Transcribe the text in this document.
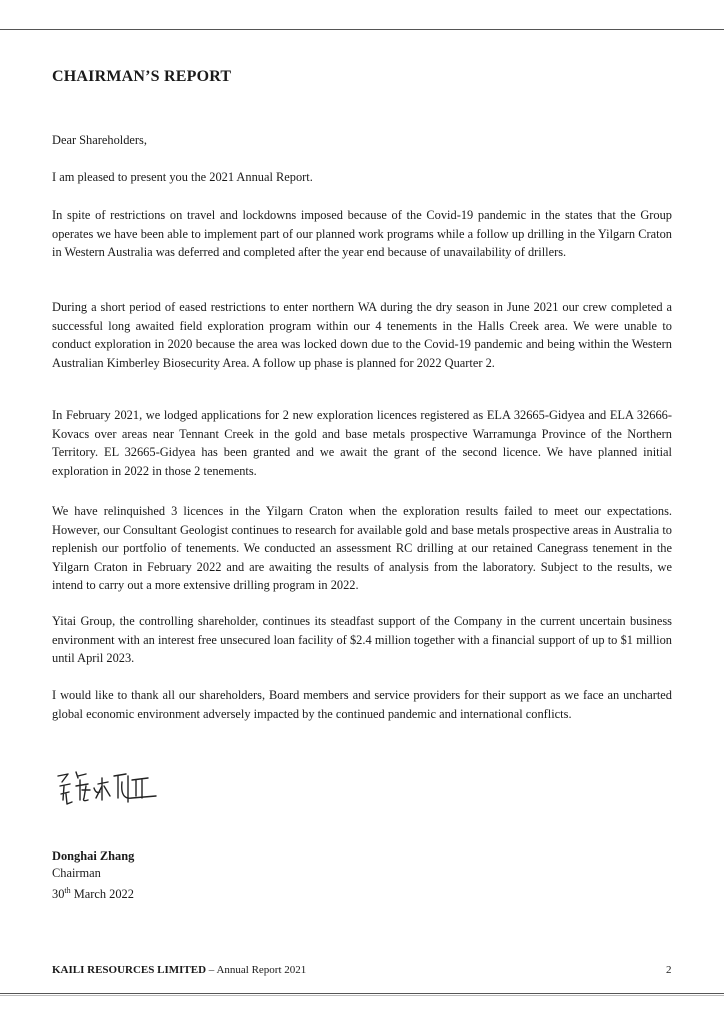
CHAIRMAN’S REPORT

Dear Shareholders,

I am pleased to present you the 2021 Annual Report.

In spite of restrictions on travel and lockdowns imposed because of the Covid-19 pandemic in the states that the Group operates we have been able to implement part of our planned work programs while a follow up drilling in the Yilgarn Craton in Western Australia was deferred and completed after the year end because of unavailability of drillers.

During a short period of eased restrictions to enter northern WA during the dry season in June 2021 our crew completed a successful long awaited field exploration program within our 4 tenements in the Halls Creek area. We were unable to conduct exploration in 2020 because the area was locked down due to the Covid-19 pandemic and being within the Western Australian Kimberley Biosecurity Area. A follow up phase is planned for 2022 Quarter 2.

In February 2021, we lodged applications for 2 new exploration licences registered as ELA 32665-Gidyea and ELA 32666-Kovacs over areas near Tennant Creek in the gold and base metals prospective Warramunga Province of the Northern Territory. EL 32665-Gidyea has been granted and we await the grant of the second licence. We have planned initial exploration in 2022 in those 2 tenements.

We have relinquished 3 licences in the Yilgarn Craton when the exploration results failed to meet our expectations. However, our Consultant Geologist continues to research for available gold and base metals prospective areas in Australia to replenish our portfolio of tenements. We conducted an assessment RC drilling at our retained Canegrass tenement in the Yilgarn Craton in February 2022 and are awaiting the results of analysis from the laboratory. Subject to the results, we intend to carry out a more extensive drilling program in 2022.

Yitai Group, the controlling shareholder, continues its steadfast support of the Company in the current uncertain business environment with an interest free unsecured loan facility of $2.4 million together with a financial support of up to $1 million until April 2023.

I would like to thank all our shareholders, Board members and service providers for their support as we face an uncharted global economic environment adversely impacted by the continued pandemic and international conflicts.

Donghai Zhang

Chairman

30th March 2022

KAILI RESOURCES LIMITED – Annual Report 2021	2
